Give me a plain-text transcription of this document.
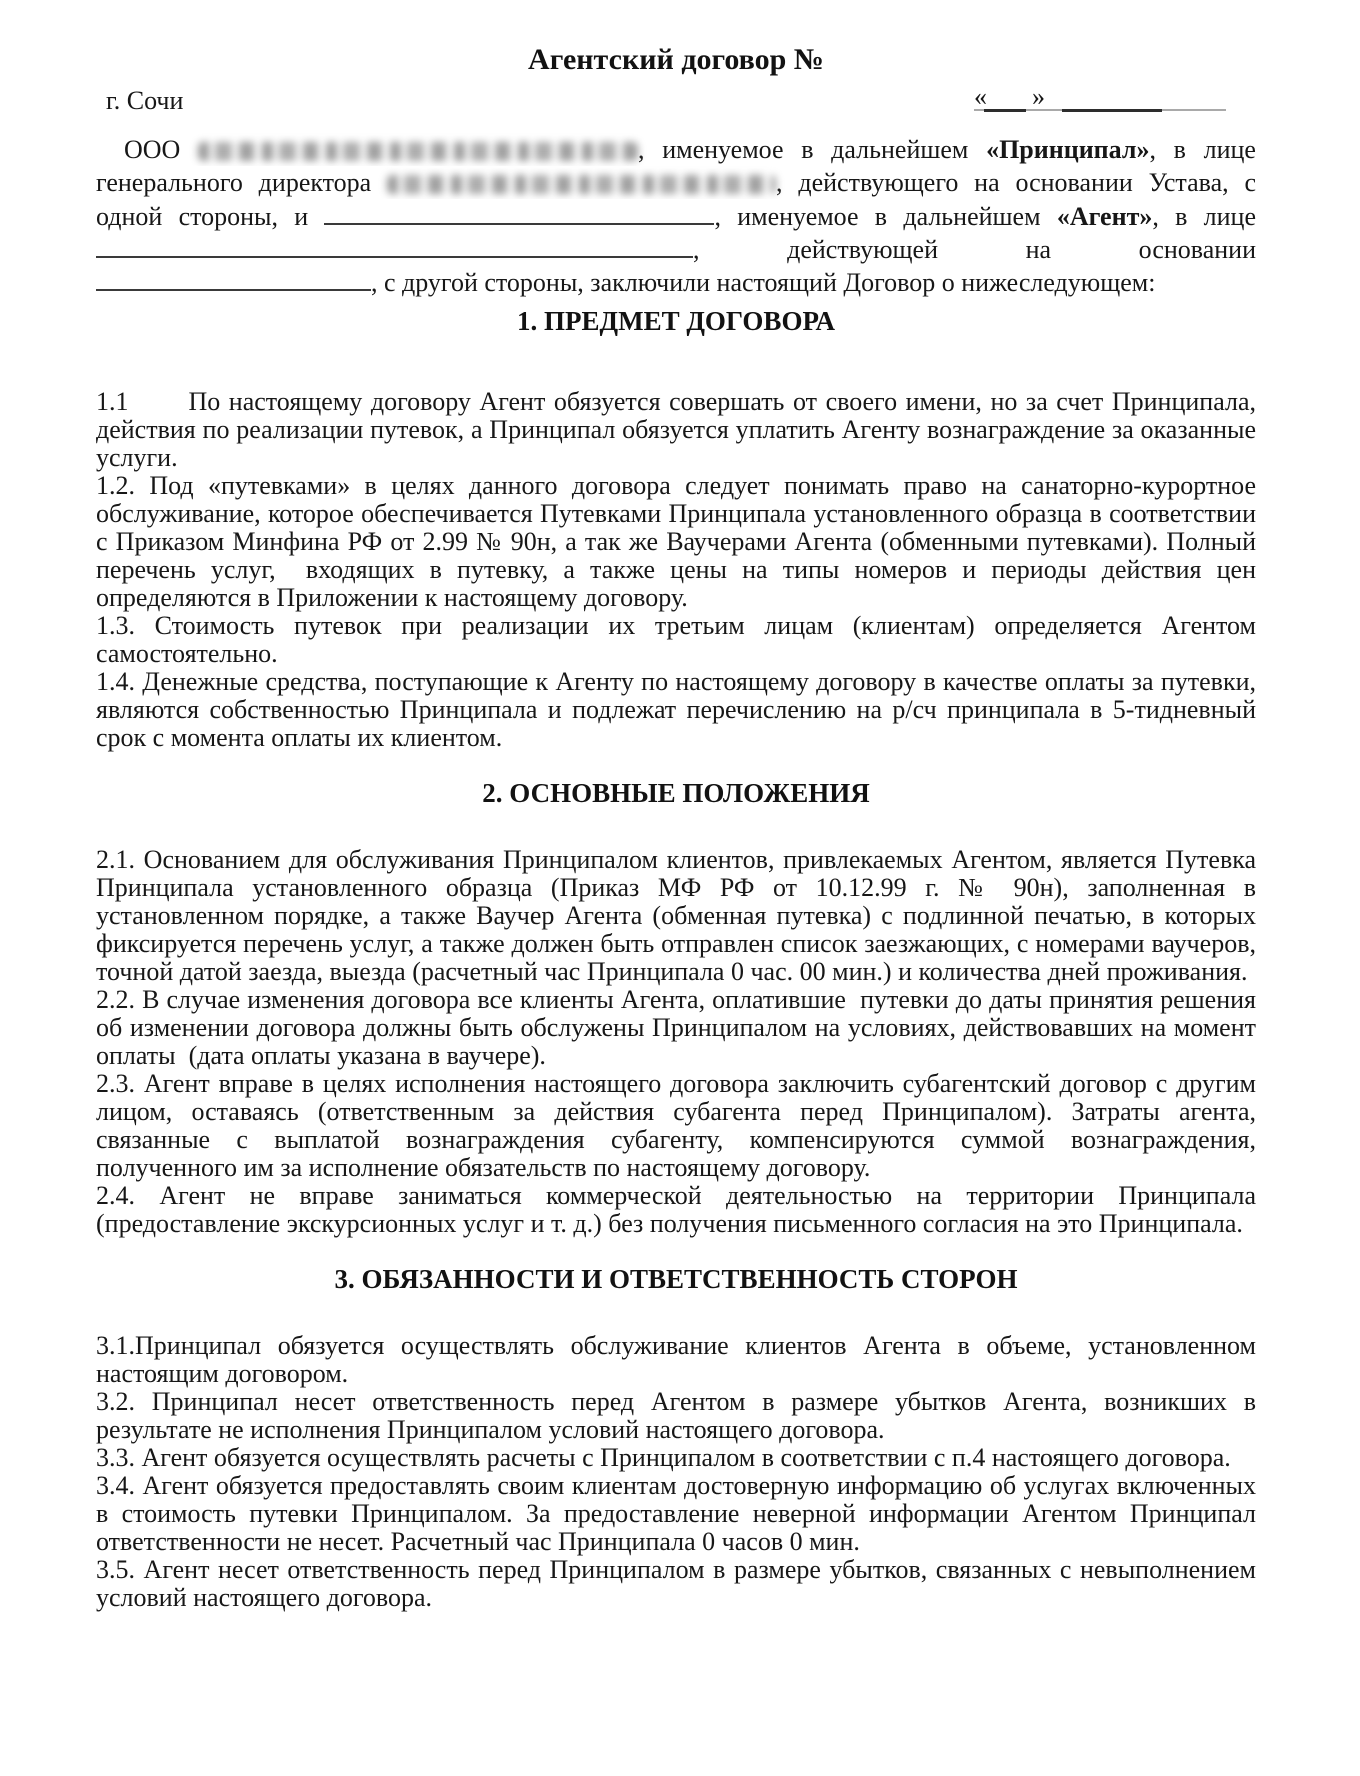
Агентский договор №
г. Сочи	« »
ООО	, именуемое в дальнейшем «Принципал», в лице
генерального директора	, действующего на основании Устава, с
одной стороны, и	, именуемое в дальнейшем «Агент», в лице
, действующей на основании
, с другой стороны, заключили настоящий Договор о нижеследующем:
1. ПРЕДМЕТ ДОГОВОРА

1.1       По настоящему договору Агент обязуется совершать от своего имени, но за счет Принципала, действия по реализации путевок, а Принципал обязуется уплатить Агенту вознаграждение за оказанные услуги.

1.2. Под «путевками» в целях данного договора следует понимать право на санаторно-курортное обслуживание, которое обеспечивается Путевками Принципала установленного образца в соответствии с Приказом Минфина РФ от 2.99 № 90н, а так же Ваучерами Агента (обменными путевками). Полный перечень услуг,  входящих в путевку, а также цены на типы номеров и периоды действия цен определяются в Приложении к настоящему договору.

1.3. Стоимость путевок при реализации их третьим лицам (клиентам) определяется Агентом самостоятельно.

1.4. Денежные средства, поступающие к Агенту по настоящему договору в качестве оплаты за путевки, являются собственностью Принципала и подлежат перечислению на р/сч принципала в 5-тидневный срок с момента оплаты их клиентом.

2. ОСНОВНЫЕ ПОЛОЖЕНИЯ

2.1. Основанием для обслуживания Принципалом клиентов, привлекаемых Агентом, является Путевка Принципала установленного образца (Приказ МФ РФ от 10.12.99 г. № 90н), заполненная в установленном порядке, а также Ваучер Агента (обменная путевка) с подлинной печатью, в которых фиксируется перечень услуг, а также должен быть отправлен список заезжающих, с номерами ваучеров, точной датой заезда, выезда (расчетный час Принципала 0 час. 00 мин.) и количества дней проживания.

2.2. В случае изменения договора все клиенты Агента, оплатившие  путевки до даты принятия решения об изменении договора должны быть обслужены Принципалом на условиях, действовавших на момент оплаты  (дата оплаты указана в ваучере).

2.3. Агент вправе в целях исполнения настоящего договора заключить субагентский договор с другим лицом, оставаясь (ответственным за действия субагента перед Принципалом). Затраты агента, связанные с выплатой вознаграждения субагенту, компенсируются суммой вознаграждения, полученного им за исполнение обязательств по настоящему договору.

2.4. Агент не вправе заниматься коммерческой деятельностью на территории Принципала (предоставление экскурсионных услуг и т. д.) без получения письменного согласия на это Принципала.

3. ОБЯЗАННОСТИ И ОТВЕТСТВЕННОСТЬ СТОРОН

3.1.Принципал обязуется осуществлять обслуживание клиентов Агента в объеме, установленном настоящим договором.

3.2. Принципал несет ответственность перед Агентом в размере убытков Агента, возникших в результате не исполнения Принципалом условий настоящего договора.

3.3. Агент обязуется осуществлять расчеты с Принципалом в соответствии с п.4 настоящего договора.

3.4. Агент обязуется предоставлять своим клиентам достоверную информацию об услугах включенных в стоимость путевки Принципалом. За предоставление неверной информации Агентом Принципал ответственности не несет. Расчетный час Принципала 0 часов 0 мин.

3.5. Агент несет ответственность перед Принципалом в размере убытков, связанных с невыполнением условий настоящего договора.
